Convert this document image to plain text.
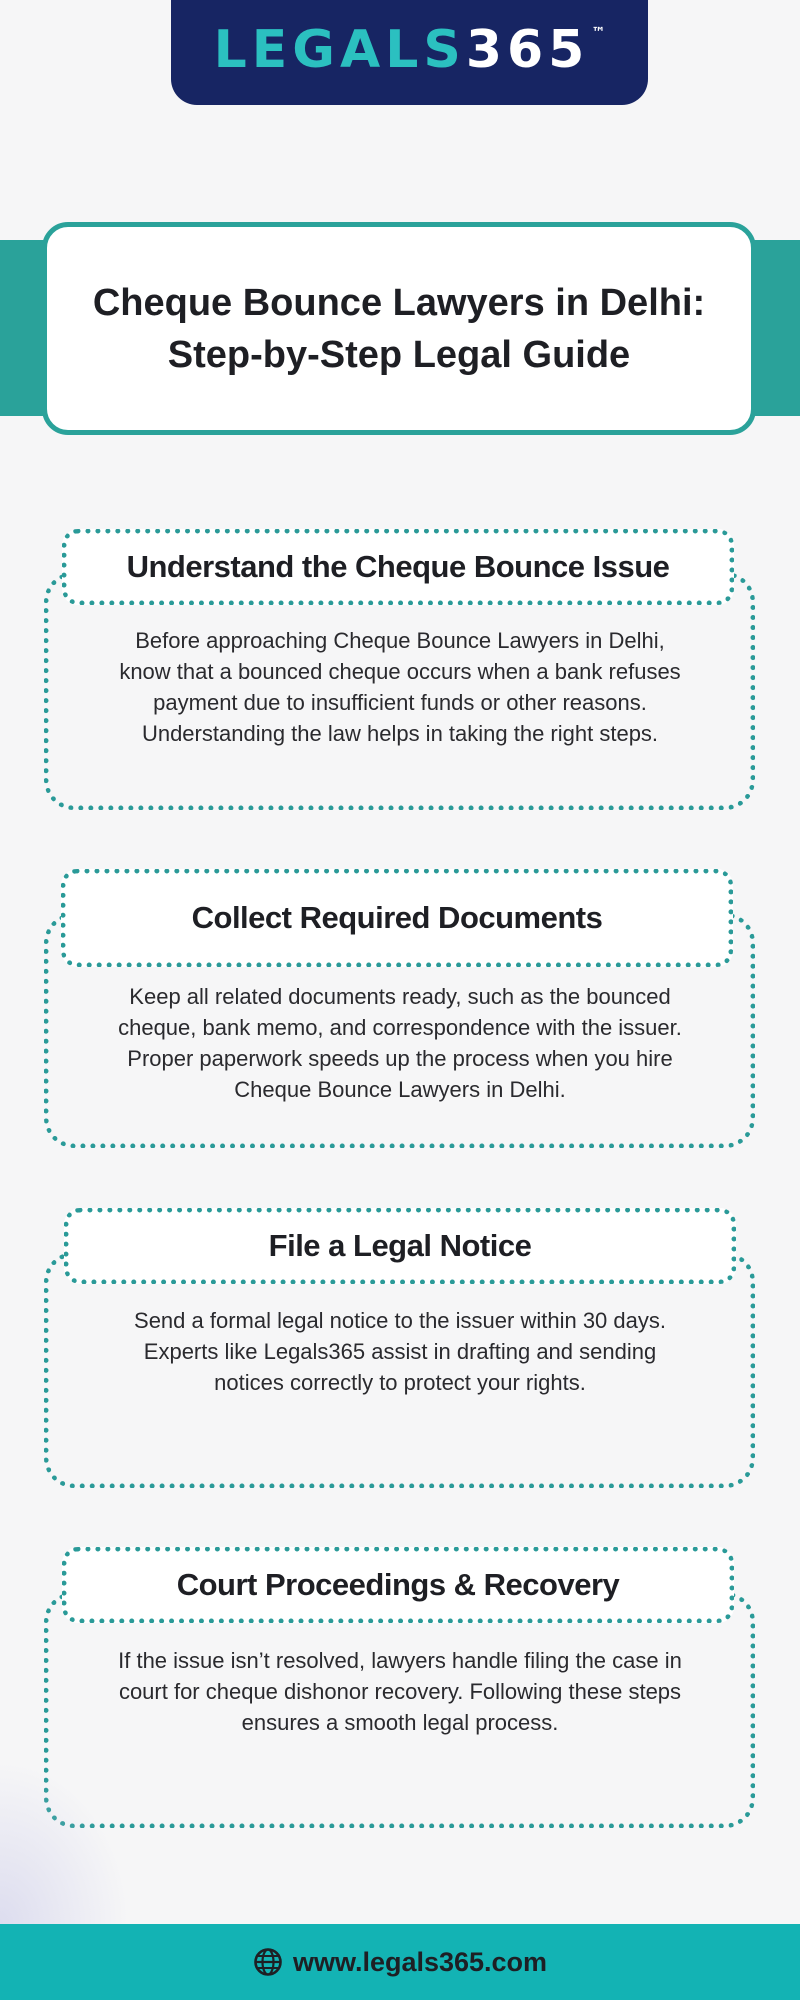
LEGALS 365 ™
Cheque Bounce Lawyers in Delhi: Step-by-Step Legal Guide
Understand the Cheque Bounce Issue

Before approaching Cheque Bounce Lawyers in Delhi, know that a bounced cheque occurs when a bank refuses payment due to insufficient funds or other reasons. Understanding the law helps in taking the right steps.

Collect Required Documents

Keep all related documents ready, such as the bounced cheque, bank memo, and correspondence with the issuer. Proper paperwork speeds up the process when you hire Cheque Bounce Lawyers in Delhi.

File a Legal Notice

Send a formal legal notice to the issuer within 30 days. Experts like Legals365 assist in drafting and sending notices correctly to protect your rights.

Court Proceedings & Recovery

If the issue isn’t resolved, lawyers handle filing the case in court for cheque dishonor recovery. Following these steps ensures a smooth legal process.

www.legals365.com
